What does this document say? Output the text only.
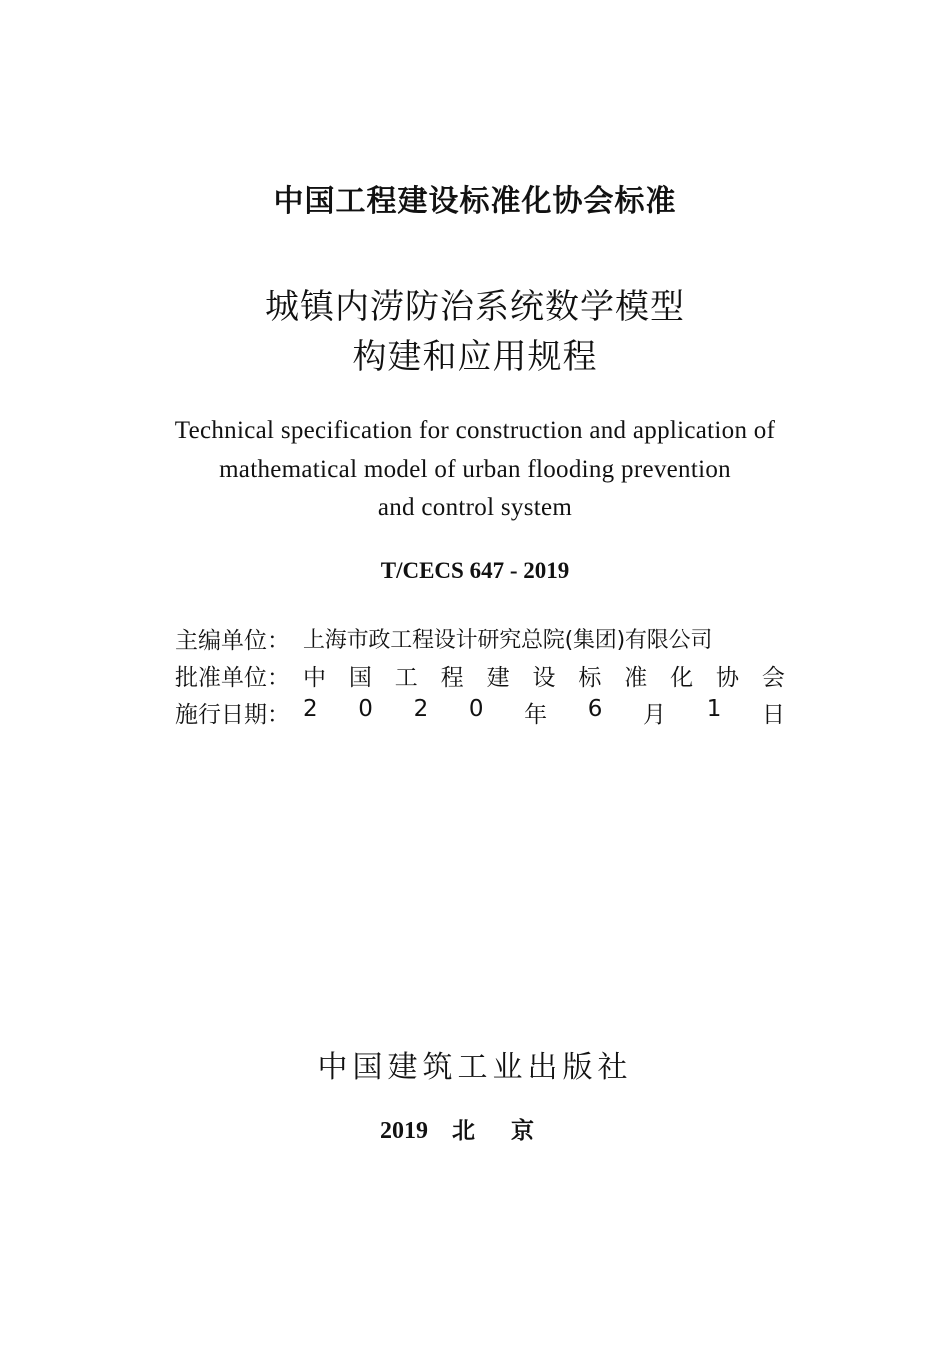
中国工程建设标准化协会标准
城镇内涝防治系统数学模型
构建和应用规程
Technical specification for construction and application of
mathematical model of urban flooding prevention
and control system
T/CECS 647 - 2019
主编单位： 上海市政工程设计研究总院(集团)有限公司
批准单位： 中 国 工 程 建 设 标 准 化 协 会
施行日期： 2 0 2 0 年 6 月 1 日
中国建筑工业出版社
2019 北京
